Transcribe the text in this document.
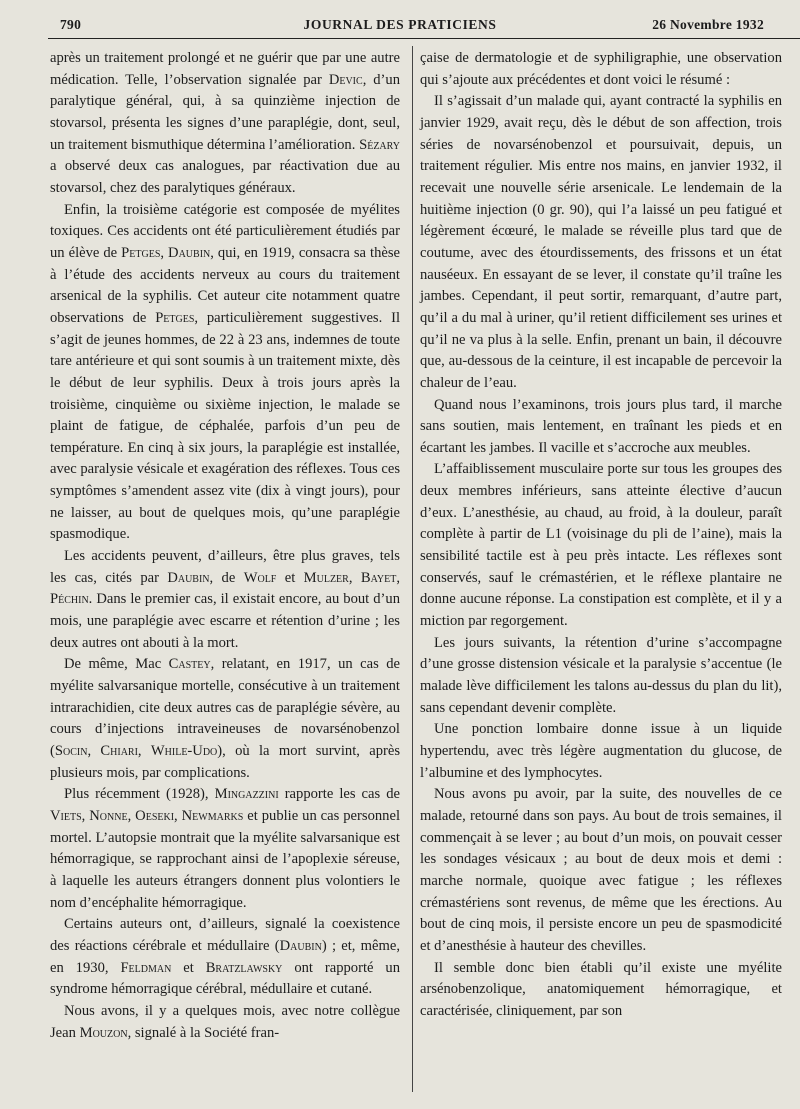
790	JOURNAL DES PRATICIENS	26 Novembre 1932

après un traitement prolongé et ne guérir que par une autre médication. Telle, l’observation signalée par Devic, d’un paralytique général, qui, à sa quinzième injection de stovarsol, présenta les signes d’une paraplégie, dont, seul, un traitement bismuthique détermina l’amélioration. Sézary a observé deux cas analogues, par réactivation due au stovarsol, chez des paralytiques généraux.

Enfin, la troisième catégorie est composée de myélites toxiques. Ces accidents ont été particulièrement étudiés par un élève de Petges, Daubin, qui, en 1919, consacra sa thèse à l’étude des accidents nerveux au cours du traitement arsenical de la syphilis. Cet auteur cite notamment quatre observations de Petges, particulièrement suggestives. Il s’agit de jeunes hommes, de 22 à 23 ans, indemnes de toute tare antérieure et qui sont soumis à un traitement mixte, dès le début de leur syphilis. Deux à trois jours après la troisième, cinquième ou sixième injection, le malade se plaint de fatigue, de céphalée, parfois d’un peu de température. En cinq à six jours, la paraplégie est installée, avec paralysie vésicale et exagération des réflexes. Tous ces symptômes s’amendent assez vite (dix à vingt jours), pour ne laisser, au bout de quelques mois, qu’une paraplégie spasmodique.

Les accidents peuvent, d’ailleurs, être plus graves, tels les cas, cités par Daubin, de Wolf et Mulzer, Bayet, Péchin. Dans le premier cas, il existait encore, au bout d’un mois, une paraplégie avec escarre et rétention d’urine ; les deux autres ont abouti à la mort.

De même, Mac Castey, relatant, en 1917, un cas de myélite salvarsanique mortelle, consécutive à un traitement intrarachidien, cite deux autres cas de paraplégie sévère, au cours d’injections intraveineuses de novarsénobenzol (Socin, Chiari, While-Udo), où la mort survint, après plusieurs mois, par complications.

Plus récemment (1928), Mingazzini rapporte les cas de Viets, Nonne, Oeseki, Newmarks et publie un cas personnel mortel. L’autopsie montrait que la myélite salvarsanique est hémorragique, se rapprochant ainsi de l’apoplexie séreuse, à laquelle les auteurs étrangers donnent plus volontiers le nom d’encéphalite hémorragique.

Certains auteurs ont, d’ailleurs, signalé la coexistence des réactions cérébrale et médullaire (Daubin) ; et, même, en 1930, Feldman et Bratzlawsky ont rapporté un syndrome hémorragique cérébral, médullaire et cutané.

Nous avons, il y a quelques mois, avec notre collègue Jean Mouzon, signalé à la Société fran-

çaise de dermatologie et de syphiligraphie, une observation qui s’ajoute aux précédentes et dont voici le résumé :

Il s’agissait d’un malade qui, ayant contracté la syphilis en janvier 1929, avait reçu, dès le début de son affection, trois séries de novarsénobenzol et poursuivait, depuis, un traitement régulier. Mis entre nos mains, en janvier 1932, il recevait une nouvelle série arsenicale. Le lendemain de la huitième injection (0 gr. 90), qui l’a laissé un peu fatigué et légèrement écœuré, le malade se réveille plus tard que de coutume, avec des étourdissements, des frissons et un état nauséeux. En essayant de se lever, il constate qu’il traîne les jambes. Cependant, il peut sortir, remarquant, d’autre part, qu’il a du mal à uriner, qu’il retient difficilement ses urines et qu’il ne va plus à la selle. Enfin, prenant un bain, il découvre que, au-dessous de la ceinture, il est incapable de percevoir la chaleur de l’eau.

Quand nous l’examinons, trois jours plus tard, il marche sans soutien, mais lentement, en traînant les pieds et en écartant les jambes. Il vacille et s’accroche aux meubles.

L’affaiblissement musculaire porte sur tous les groupes des deux membres inférieurs, sans atteinte élective d’aucun d’eux. L’anesthésie, au chaud, au froid, à la douleur, paraît complète à partir de L1 (voisinage du pli de l’aine), mais la sensibilité tactile est à peu près intacte. Les réflexes sont conservés, sauf le crémastérien, et le réflexe plantaire ne donne aucune réponse. La constipation est complète, et il y a miction par regorgement.

Les jours suivants, la rétention d’urine s’accompagne d’une grosse distension vésicale et la paralysie s’accentue (le malade lève difficilement les talons au-dessus du plan du lit), sans cependant devenir complète.

Une ponction lombaire donne issue à un liquide hypertendu, avec très légère augmentation du glucose, de l’albumine et des lymphocytes.

Nous avons pu avoir, par la suite, des nouvelles de ce malade, retourné dans son pays. Au bout de trois semaines, il commençait à se lever ; au bout d’un mois, on pouvait cesser les sondages vésicaux ; au bout de deux mois et demi : marche normale, quoique avec fatigue ; les réflexes crémastériens sont revenus, de même que les érections. Au bout de cinq mois, il persiste encore un peu de spasmodicité et d’anesthésie à hauteur des chevilles.

Il semble donc bien établi qu’il existe une myélite arsénobenzolique, anatomiquement hémorragique, et caractérisée, cliniquement, par son
